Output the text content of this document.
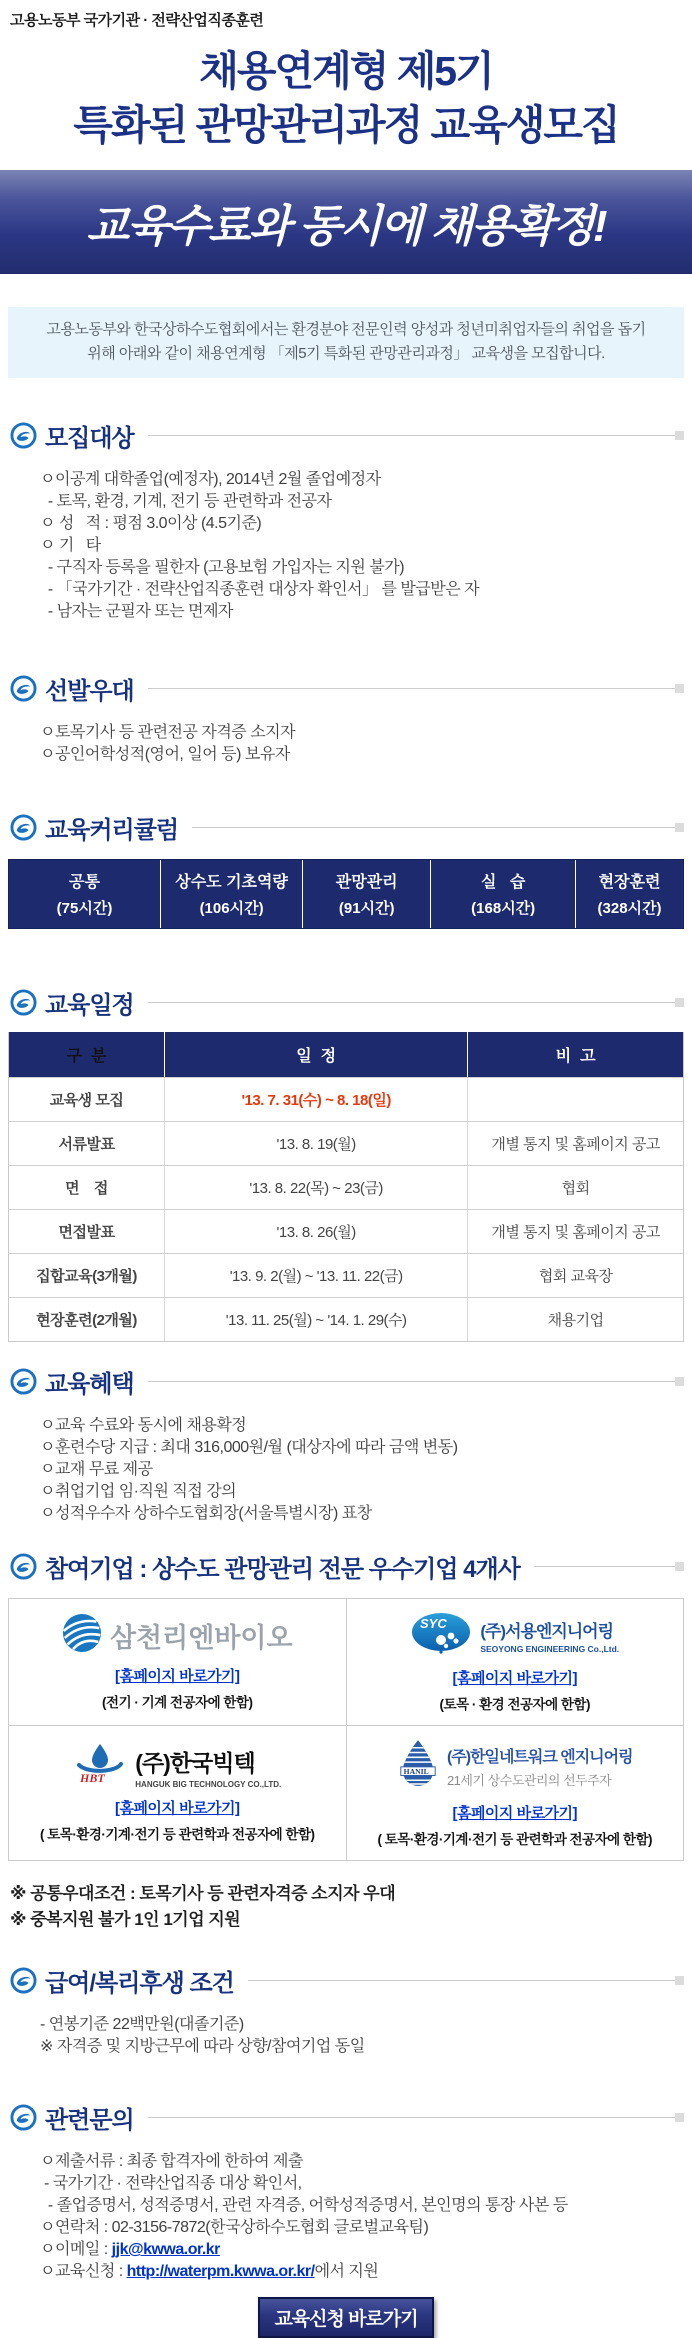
고용노동부 국가기관 · 전략산업직종훈련
채용연계형 제5기
특화된 관망관리과정 교육생모집
교육수료와 동시에 채용확정!
고용노동부와 한국상하수도협회에서는 환경분야 전문인력 양성과 청년미취업자들의 취업을 돕기
위해 아래와 같이 채용연계형 「제5기 특화된 관망관리과정」 교육생을 모집합니다.
모집대상
ㅇ이공계 대학졸업(예정자), 2014년 2월 졸업예정자
- 토목, 환경, 기계, 전기 등 관련학과 전공자
ㅇ 성   적 : 평점 3.0이상 (4.5기준)
ㅇ 기   타
- 구직자 등록을 필한자 (고용보험 가입자는 지원 불가)
- 「국가기간 · 전략산업직종훈련 대상자 확인서」 를 발급받은 자
- 남자는 군필자 또는 면제자
선발우대
ㅇ토목기사 등 관련전공 자격증 소지자
ㅇ공인어학성적(영어, 일어 등) 보유자
교육커리큘럼
공통
(75시간)
상수도 기초역량
(106시간)
관망관리
(91시간)
실   습
(168시간)
현장훈련
(328시간)
교육일정
구  분	일  정	비  고
교육생 모집	'13. 7. 31(수) ~ 8. 18(일)
서류발표	'13. 8. 19(월)	개별 통지 및 홈페이지 공고
면    접	'13. 8. 22(목) ~ 23(금)	협회
면접발표	'13. 8. 26(월)	개별 통지 및 홈페이지 공고
집합교육(3개월)	'13. 9. 2(월) ~ '13. 11. 22(금)	협회 교육장
현장훈련(2개월)	'13. 11. 25(월) ~ '14. 1. 29(수)	채용기업
교육혜택
ㅇ교육 수료와 동시에 채용확정
ㅇ훈련수당 지급 : 최대 316,000원/월 (대상자에 따라 금액 변동)
ㅇ교재 무료 제공
ㅇ취업기업 임·직원 직접 강의
ㅇ성적우수자 상하수도협회장(서울특별시장) 표창
참여기업 : 상수도 관망관리 전문 우수기업 4개사
삼천리엔바이오
[홈페이지 바로가기]
(전기 · 기계 전공자에 한함)
SYC (주)서용엔지니어링
SEOYONG ENGINEERING Co.,Ltd.
[홈페이지 바로가기]
(토목 · 환경 전공자에 한함)
HBT
(주)한국빅텍
HANGUK BIG TECHNOLOGY CO.,LTD.
[홈페이지 바로가기]
( 토목·환경·기계·전기 등 관련학과 전공자에 한함)
HANIL
(주)한일네트워크 엔지니어링
21세기 상수도관리의 선두주자
[홈페이지 바로가기]
( 토목·환경·기계·전기 등 관련학과 전공자에 한함)
※ 공통우대조건 : 토목기사 등 관련자격증 소지자 우대
※ 중복지원 불가 1인 1기업 지원
급여/복리후생 조건
- 연봉기준 22백만원(대졸기준)
※ 자격증 및 지방근무에 따라 상향/참여기업 동일
관련문의
ㅇ제출서류 : 최종 합격자에 한하여 제출
- 국가기간 · 전략산업직종 대상 확인서,
- 졸업증명서, 성적증명서, 관련 자격증, 어학성적증명서, 본인명의 통장 사본 등
ㅇ연락처 : 02-3156-7872(한국상하수도협회 글로벌교육팀)
ㅇ이메일 : jjk@kwwa.or.kr
ㅇ교육신청 : http://waterpm.kwwa.or.kr/에서 지원
교육신청 바로가기
